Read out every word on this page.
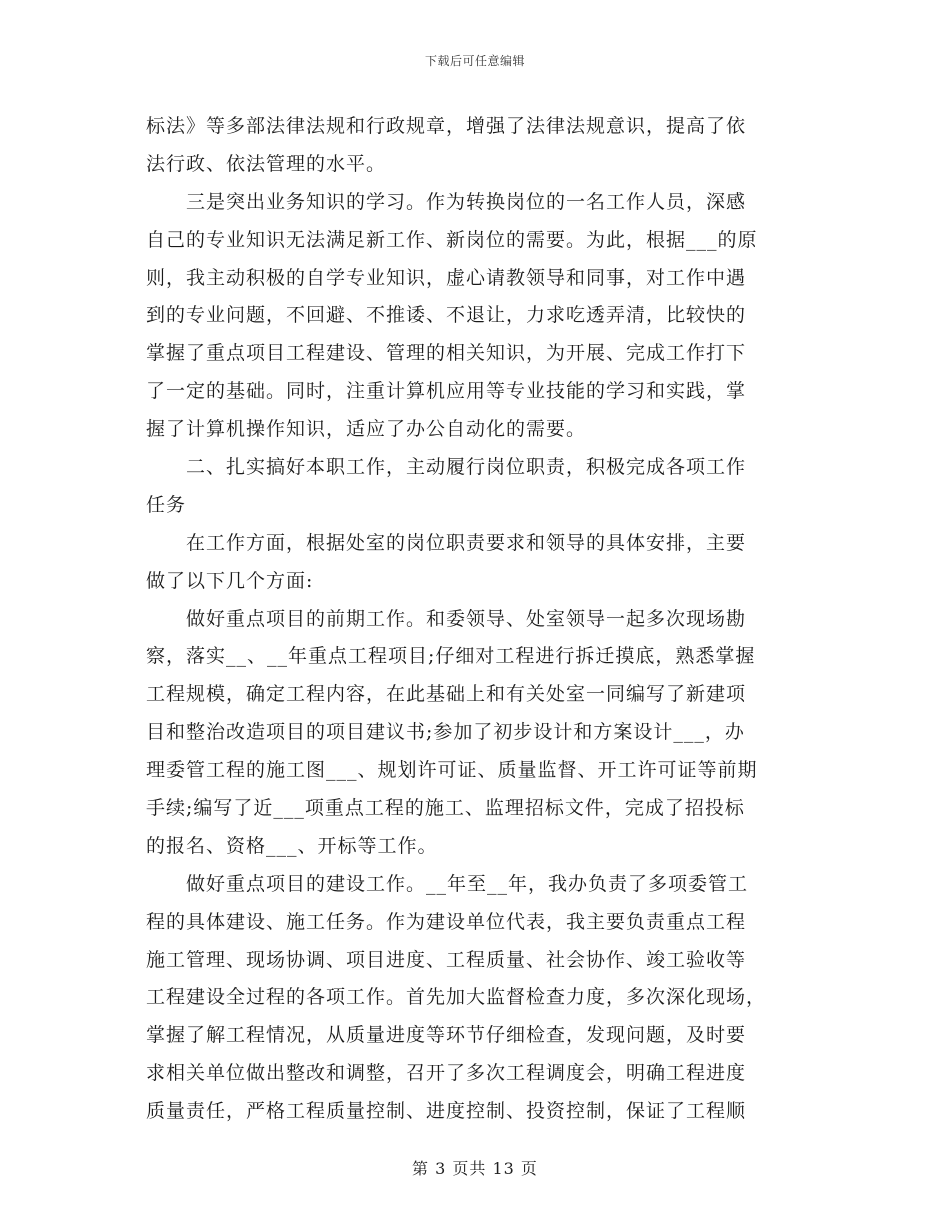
下载后可任意编辑
标法》等多部法律法规和行政规章，增强了法律法规意识，提高了依
法行政、依法管理的水平。
　　三是突出业务知识的学习。作为转换岗位的一名工作人员，深感
自己的专业知识无法满足新工作、新岗位的需要。为此，根据___的原
则，我主动积极的自学专业知识，虚心请教领导和同事，对工作中遇
到的专业问题，不回避、不推诿、不退让，力求吃透弄清，比较快的
掌握了重点项目工程建设、管理的相关知识，为开展、完成工作打下
了一定的基础。同时，注重计算机应用等专业技能的学习和实践，掌
握了计算机操作知识，适应了办公自动化的需要。
　　二、扎实搞好本职工作，主动履行岗位职责，积极完成各项工作
任务
　　在工作方面，根据处室的岗位职责要求和领导的具体安排，主要
做了以下几个方面:
　　做好重点项目的前期工作。和委领导、处室领导一起多次现场勘
察，落实__、__年重点工程项目;仔细对工程进行拆迁摸底，熟悉掌握
工程规模，确定工程内容，在此基础上和有关处室一同编写了新建项
目和整治改造项目的项目建议书;参加了初步设计和方案设计___，办
理委管工程的施工图___、规划许可证、质量监督、开工许可证等前期
手续;编写了近___项重点工程的施工、监理招标文件，完成了招投标
的报名、资格___、开标等工作。
　　做好重点项目的建设工作。__年至__年，我办负责了多项委管工
程的具体建设、施工任务。作为建设单位代表，我主要负责重点工程
施工管理、现场协调、项目进度、工程质量、社会协作、竣工验收等
工程建设全过程的各项工作。首先加大监督检查力度，多次深化现场，
掌握了解工程情况，从质量进度等环节仔细检查，发现问题，及时要
求相关单位做出整改和调整，召开了多次工程调度会，明确工程进度
质量责任，严格工程质量控制、进度控制、投资控制，保证了工程顺
第 3 页共 13 页
